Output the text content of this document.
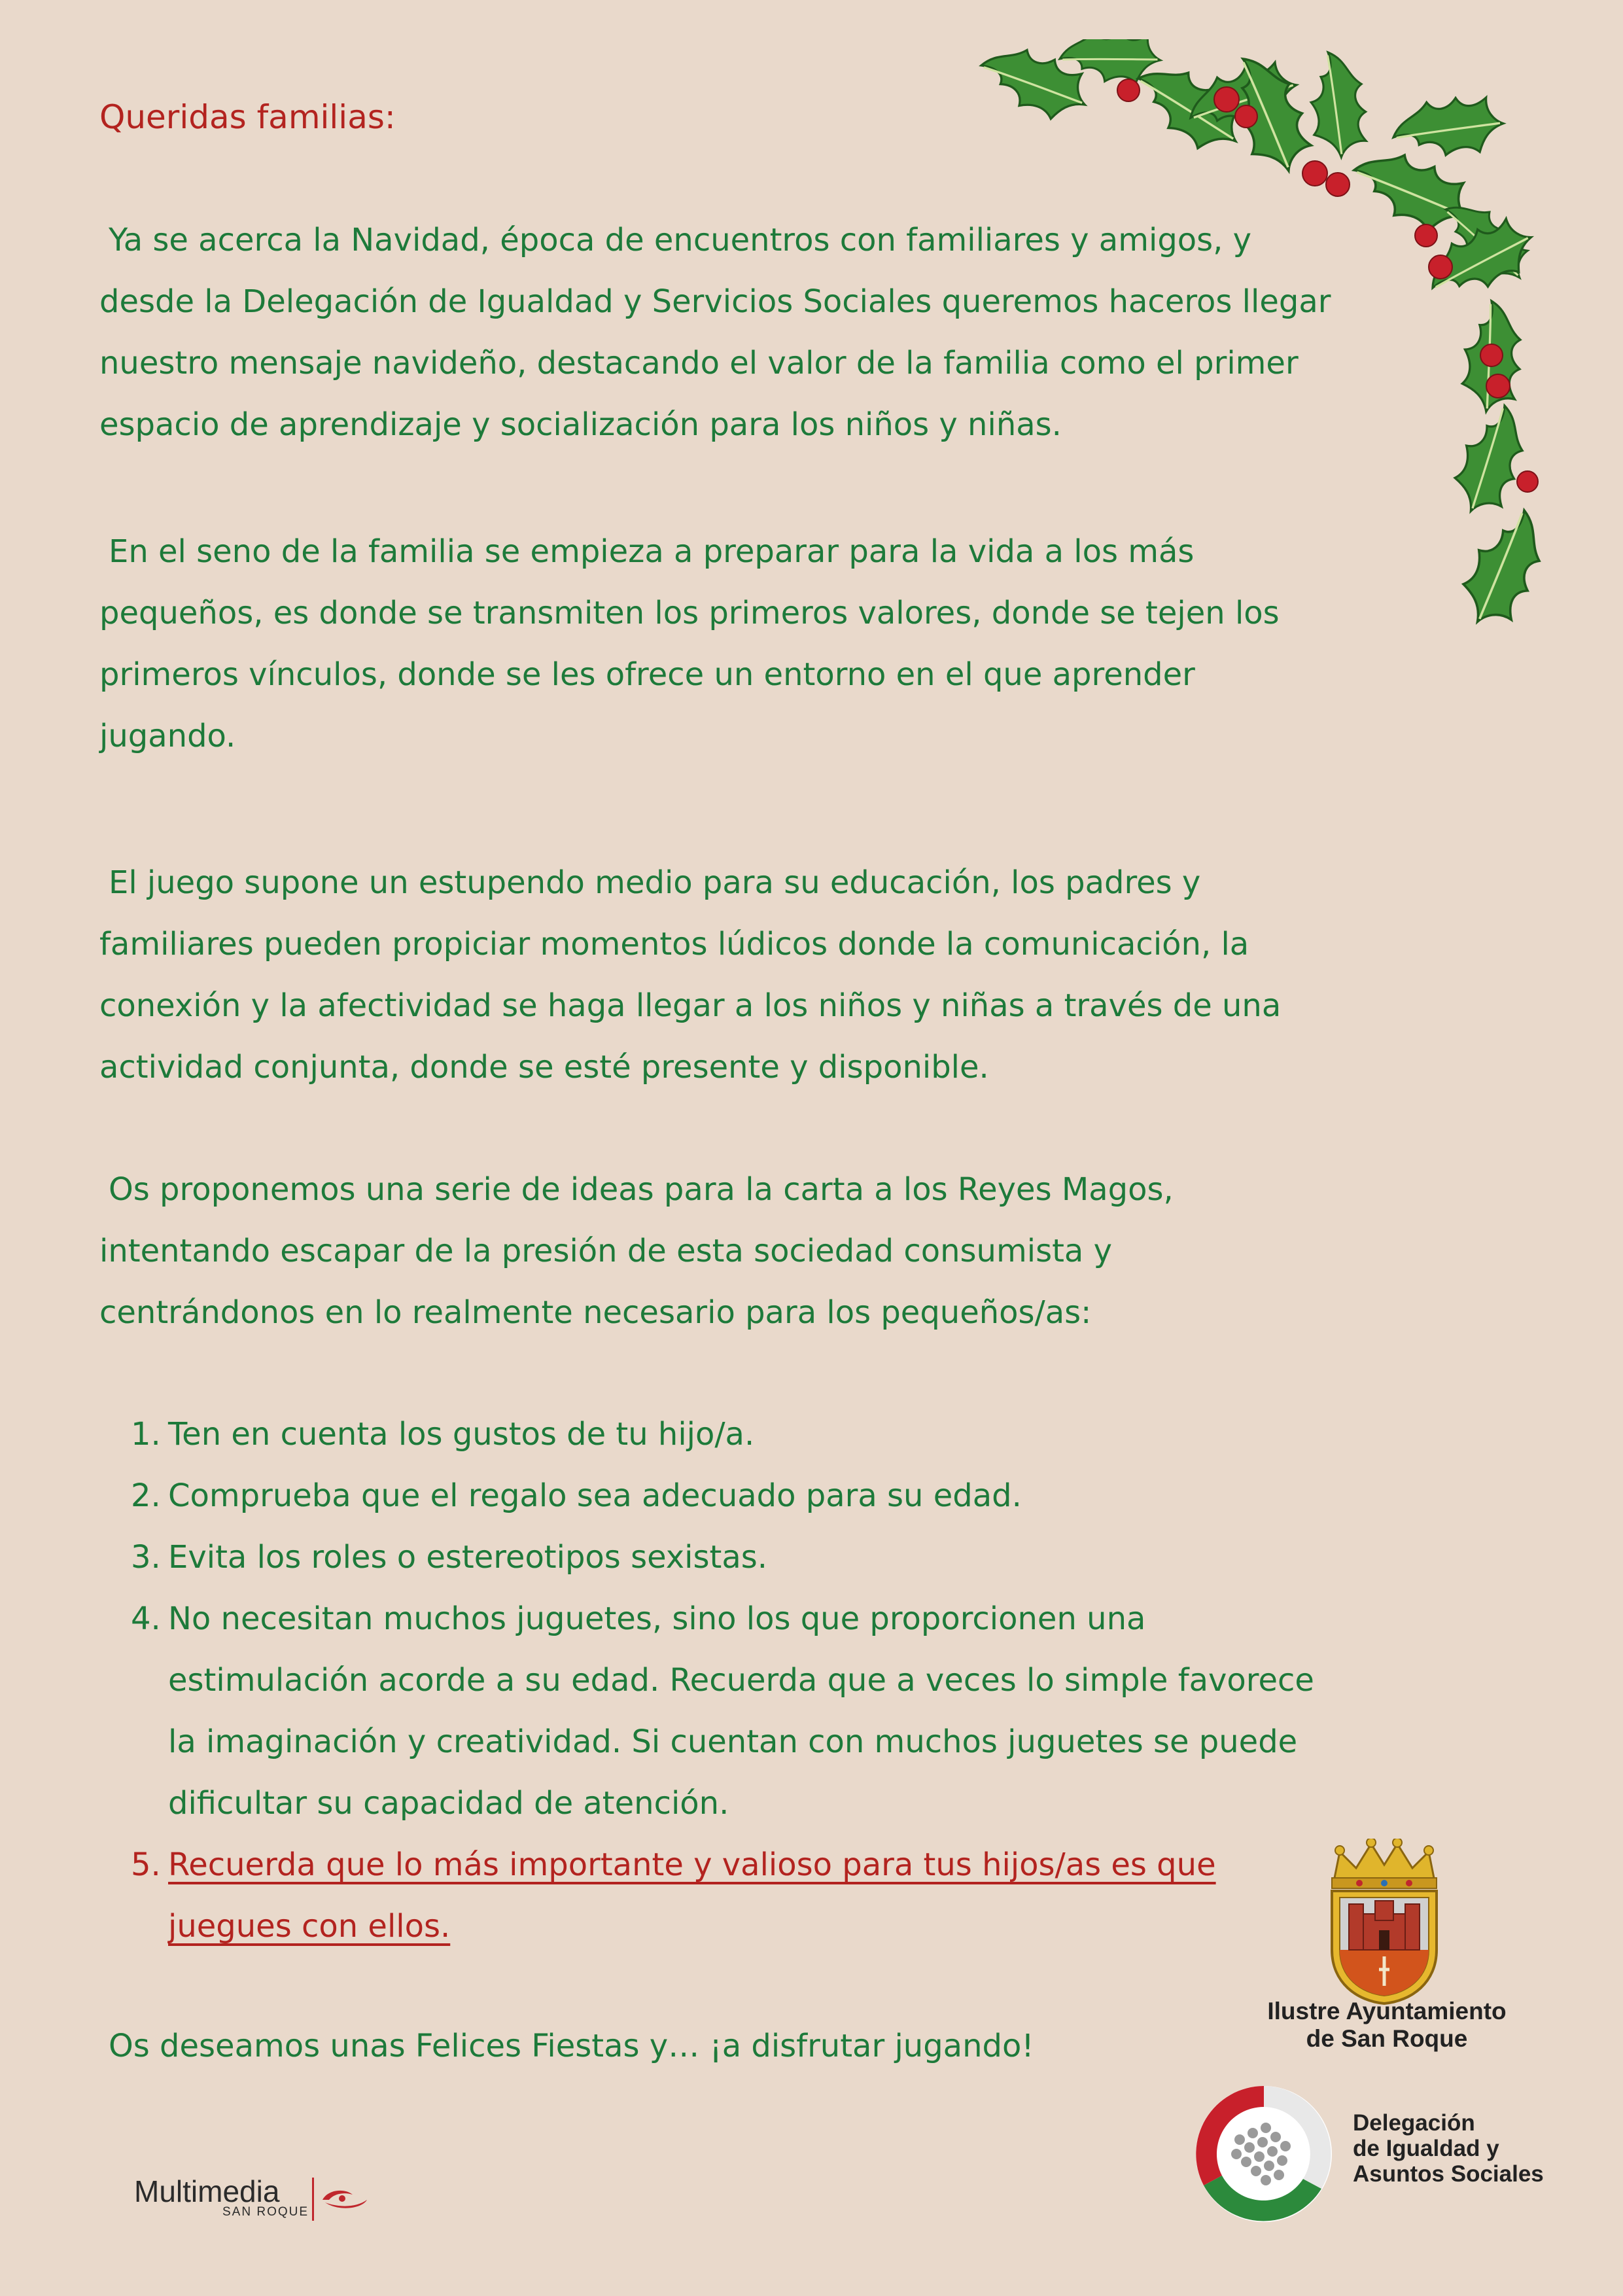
Queridas familias:

Ya se acerca la Navidad, época de encuentros con familiares y amigos, y
desde la Delegación de Igualdad y Servicios Sociales queremos haceros llegar
nuestro mensaje navideño, destacando el valor de la familia como el primer
espacio de aprendizaje y socialización para los niños y niñas.
En el seno de la familia se empieza a preparar para la vida a los más
pequeños, es donde se transmiten los primeros valores, donde se tejen los
primeros vínculos, donde se les ofrece un entorno en el que aprender
jugando.
El juego supone un estupendo medio para su educación, los padres y
familiares pueden propiciar momentos lúdicos donde la comunicación, la
conexión y la afectividad se haga llegar a los niños y niñas a través de una
actividad conjunta, donde se esté presente y disponible.
Os proponemos una serie de ideas para la carta a los Reyes Magos,
intentando escapar de la presión de esta sociedad consumista y
centrándonos en lo realmente necesario para los pequeños/as:
1. Ten en cuenta los gustos de tu hijo/a.
2. Comprueba que el regalo sea adecuado para su edad.
3. Evita los roles o estereotipos sexistas.
4. No necesitan muchos juguetes, sino los que proporcionen una
estimulación acorde a su edad. Recuerda que a veces lo simple favorece
la imaginación y creatividad. Si cuentan con muchos juguetes se puede
dificultar su capacidad de atención.
5. Recuerda que lo más importante y valioso para tus hijos/as es que
juegues con ellos.

Os deseamos unas Felices Fiestas y… ¡a disfrutar jugando!

Ilustre Ayuntamiento
de San Roque
Delegación
de Igualdad y
Asuntos Sociales
Multimedia
SAN ROQUE
